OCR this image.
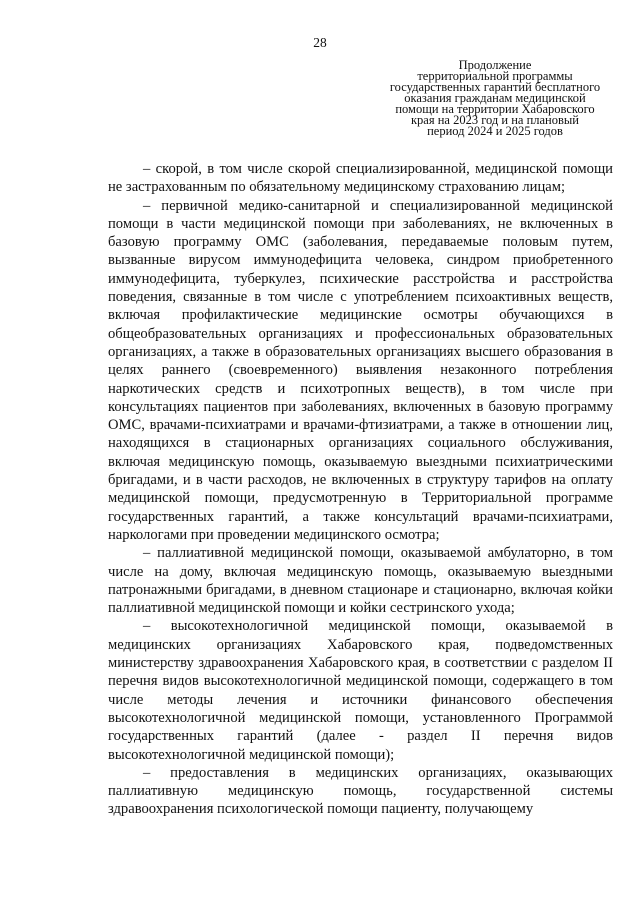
28
Продолжение
территориальной программы
государственных гарантий бесплатного
оказания гражданам медицинской
помощи на территории Хабаровского
края на 2023 год и на плановый
период 2024 и 2025 годов

– скорой, в том числе скорой специализированной, медицинской помощи не застрахованным по обязательному медицинскому страхованию лицам;

– первичной медико-санитарной и специализированной медицинской помощи в части медицинской помощи при заболеваниях, не включенных в базовую программу ОМС (заболевания, передаваемые половым путем, вызванные вирусом иммунодефицита человека, синдром приобретенного иммунодефицита, туберкулез, психические расстройства и расстройства поведения, связанные в том числе с употреблением психоактивных веществ, включая профилактические медицинские осмотры обучающихся в общеобразовательных организациях и профессиональных образовательных организациях, а также в образовательных организациях высшего образования в целях раннего (своевременного) выявления незаконного потребления наркотических средств и психотропных веществ), в том числе при консультациях пациентов при заболеваниях, включенных в базовую программу ОМС, врачами-психиатрами и врачами-фтизиатрами, а также в отношении лиц, находящихся в стационарных организациях социального обслуживания, включая медицинскую помощь, оказываемую выездными психиатрическими бригадами, и в части расходов, не включенных в структуру тарифов на оплату медицинской помощи, предусмотренную в Территориальной программе государственных гарантий, а также консультаций врачами-психиатрами, наркологами при проведении медицинского осмотра;

– паллиативной медицинской помощи, оказываемой амбулаторно, в том числе на дому, включая медицинскую помощь, оказываемую выездными патронажными бригадами, в дневном стационаре и стационарно, включая койки паллиативной медицинской помощи и койки сестринского ухода;

– высокотехнологичной медицинской помощи, оказываемой в медицинских организациях Хабаровского края, подведомственных министерству здравоохранения Хабаровского края, в соответствии с разделом II перечня видов высокотехнологичной медицинской помощи, содержащего в том числе методы лечения и источники финансового обеспечения высокотехнологичной медицинской помощи, установленного Программой государственных гарантий (далее - раздел II перечня видов высокотехнологичной медицинской помощи);

– предоставления в медицинских организациях, оказывающих паллиативную медицинскую помощь, государственной системы здравоохранения психологической помощи пациенту, получающему
